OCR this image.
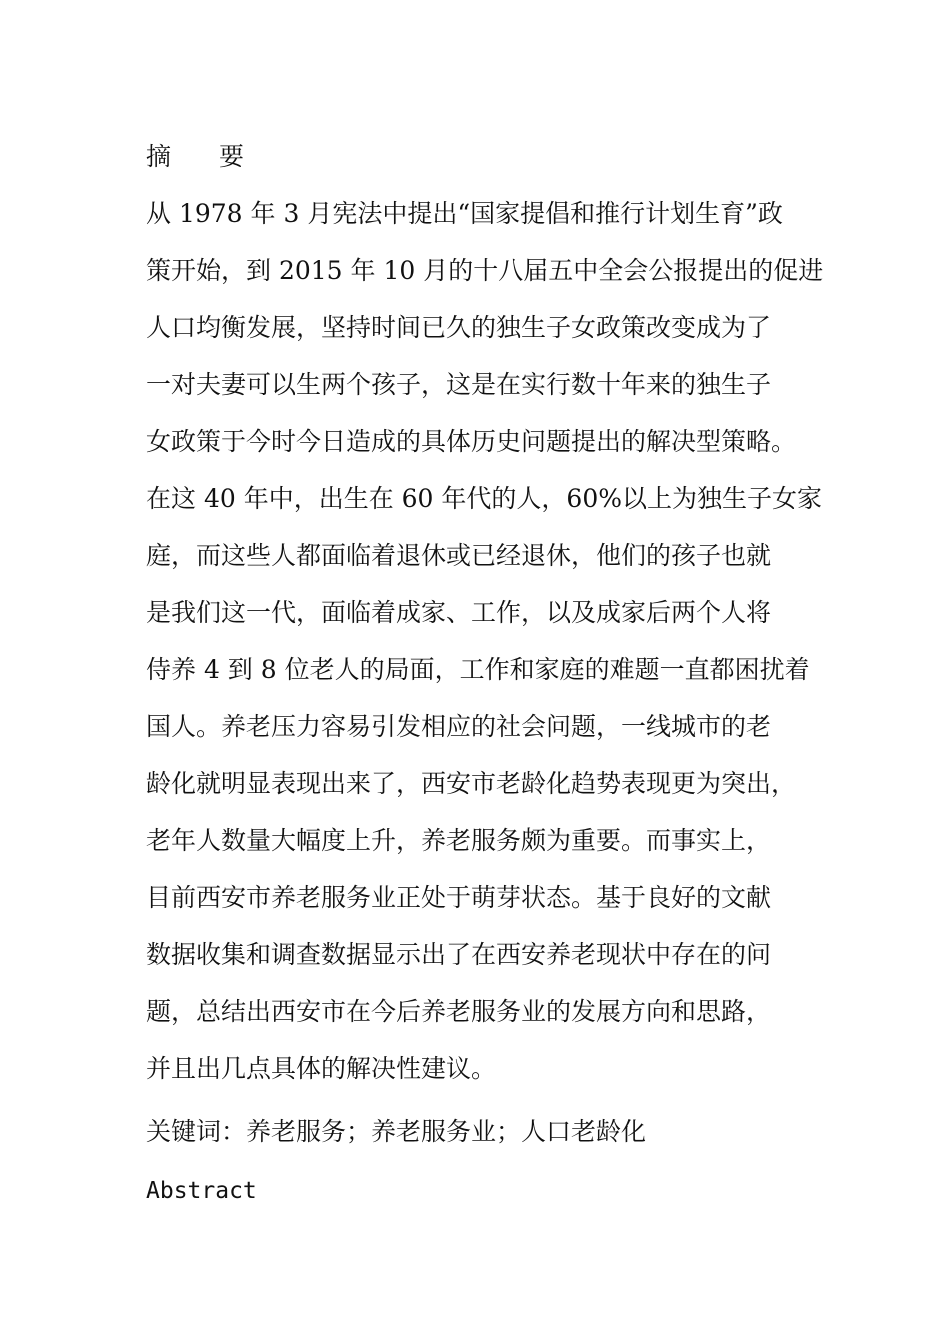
摘 要
从 1978 年 3 月宪法中提出“国家提倡和推行计划生育”政
策开始，到 2015 年 10 月的十八届五中全会公报提出的促进
人口均衡发展，坚持时间已久的独生子女政策改变成为了
一对夫妻可以生两个孩子，这是在实行数十年来的独生子
女政策于今时今日造成的具体历史问题提出的解决型策略。
在这 40 年中，出生在 60 年代的人，60%以上为独生子女家
庭，而这些人都面临着退休或已经退休，他们的孩子也就
是我们这一代，面临着成家、工作，以及成家后两个人将
侍养 4 到 8 位老人的局面，工作和家庭的难题一直都困扰着
国人。养老压力容易引发相应的社会问题，一线城市的老
龄化就明显表现出来了，西安市老龄化趋势表现更为突出，
老年人数量大幅度上升，养老服务颇为重要。而事实上，
目前西安市养老服务业正处于萌芽状态。基于良好的文献
数据收集和调查数据显示出了在西安养老现状中存在的问
题，总结出西安市在今后养老服务业的发展方向和思路，
并且出几点具体的解决性建议。
关键词：养老服务；养老服务业；人口老龄化
Abstract
